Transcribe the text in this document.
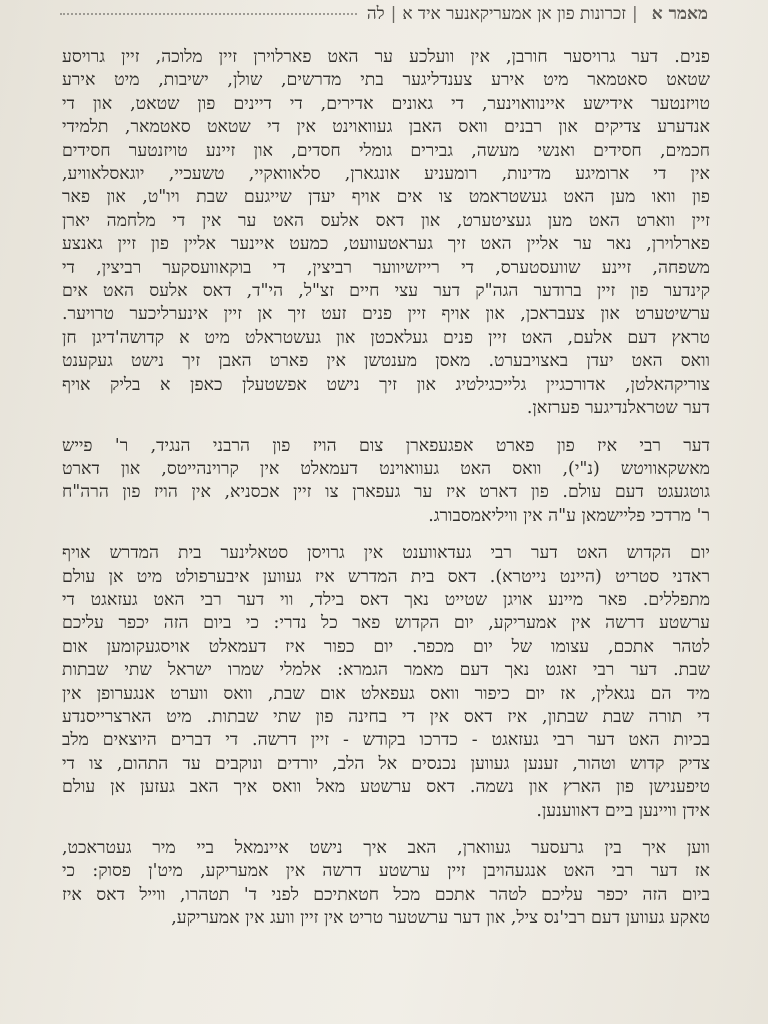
מאמר א
|
זכרונות פון אן אמעריקאנער איד א
|
לה
פנים. דער גרויסער חורבן, אין וועלכע ער האט פארלוירן זיין מלוכה, זיין גרויסע
שטאט סאטמאר מיט אירע צענדליגער בתי מדרשים, שולן, ישיבות, מיט אירע
טויזנטער אידישע איינוואוינער, די גאונים אדירים, די דיינים פון שטאט, און די
אנדערע צדיקים און רבנים וואס האבן געוואוינט אין די שטאט סאטמאר, תלמידי
חכמים, חסידים ואנשי מעשה, גבירים גומלי חסדים, און זיינע טויזנטער חסידים
אין די ארומיגע מדינות, רומעניע אונגארן, סלאוואקיי, טשעכיי, יוגאסלאוויע,
פון וואו מען האט געשטראמט צו אים אויף יעדן שייגעם שבת ויו"ט, און פאר
זיין ווארט האט מען געציטערט, און דאס אלעס האט ער אין די מלחמה יארן
פארלוירן, נאר ער אליין האט זיך געראטעוועט, כמעט איינער אליין פון זיין גאנצע
משפחה, זיינע שוועסטערס, די רייזשיווער רביצין, די בוקאוועסקער רביצין, די
קינדער פון זיין ברודער הגה"ק דער עצי חיים זצ"ל, הי"ד, דאס אלעס האט אים
ערשיטערט און צעבראכן, און אויף זיין פנים זעט זיך אן זיין אינערליכער טרויער.
טראץ דעם אלעם, האט זיין פנים געלאכטן און געשטראלט מיט א קדושה'דיגן חן
וואס האט יעדן באצויבערט. מאסן מענטשן אין פארט האבן זיך נישט געקענט
צוריקהאלטן, אדורכגיין גלייכגילטיג און זיך נישט אפשטעלן כאפן א בליק אויף
דער שטראלנדיגער פערזאן.
דער רבי איז פון פארט אפגעפארן צום הויז פון הרבני הנגיד, ר' פייש
מאשקאוויטש (נ"י), וואס האט געוואוינט דעמאלט אין קרוינהייטס, און דארט
גוטגעגט דעם עולם. פון דארט איז ער געפארן צו זיין אכסניא, אין הויז פון הרה"ח
ר' מרדכי פליישמאן ע"ה אין וויליאמסבורג.
יום הקדוש האט דער רבי געדאווענט אין גרויסן סטאלינער בית המדרש אויף
ראדני סטריט (היינט נייטרא). דאס בית המדרש איז געווען איבערפולט מיט אן עולם
מתפללים. פאר מיינע אויגן שטייט נאך דאס בילד, ווי דער רבי האט געזאגט די
ערשטע דרשה אין אמעריקע, יום הקדוש פאר כל נדרי: כי ביום הזה יכפר עליכם
לטהר אתכם, עצומו של יום מכפר. יום כפור איז דעמאלט אויסגעקומען אום
שבת. דער רבי זאגט נאך דעם מאמר הגמרא: אלמלי שמרו ישראל שתי שבתות
מיד הם נגאלין, אז יום כיפור וואס געפאלט אום שבת, וואס ווערט אנגערופן אין
די תורה שבת שבתון, איז דאס אין די בחינה פון שתי שבתות. מיט הארצרייסנדע
בכיות האט דער רבי געזאגט - כדרכו בקודש - זיין דרשה. די דברים היוצאים מלב
צדיק קדוש וטהור, זענען געווען נכנסים אל הלב, יורדים ונוקבים עד התהום, צו די
טיפענישן פון הארץ און נשמה. דאס ערשטע מאל וואס איך האב געזען אן עולם
אידן וויינען ביים דאווענען.
ווען איך בין גרעסער געווארן, האב איך נישט איינמאל ביי מיר געטראכט,
אז דער רבי האט אנגעהויבן זיין ערשטע דרשה אין אמעריקע, מיט'ן פסוק: כי
ביום הזה יכפר עליכם לטהר אתכם מכל חטאתיכם לפני ד' תטהרו, ווייל דאס איז
טאקע געווען דעם רבי'נס ציל, און דער ערשטער טריט אין זיין וועג אין אמעריקע,
